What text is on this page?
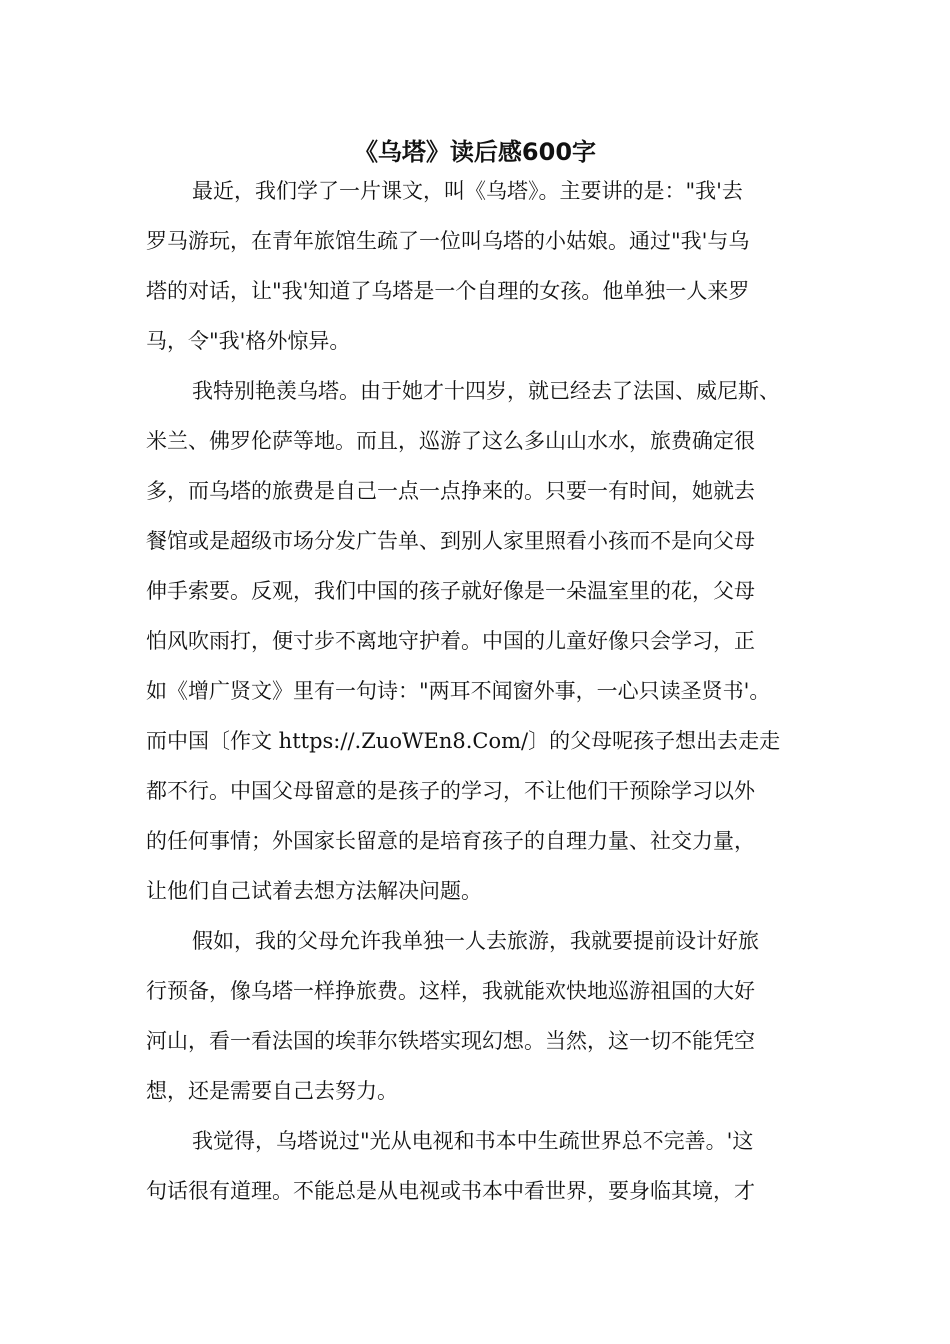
《乌塔》读后感600字
最近，我们学了一片课文，叫《乌塔》。主要讲的是："我'去
罗马游玩，在青年旅馆生疏了一位叫乌塔的小姑娘。通过"我'与乌
塔的对话，让"我'知道了乌塔是一个自理的女孩。他单独一人来罗
马，令"我'格外惊异。
我特别艳羡乌塔。由于她才十四岁，就已经去了法国、威尼斯、
米兰、佛罗伦萨等地。而且，巡游了这么多山山水水，旅费确定很
多，而乌塔的旅费是自己一点一点挣来的。只要一有时间，她就去
餐馆或是超级市场分发广告单、到别人家里照看小孩而不是向父母
伸手索要。反观，我们中国的孩子就好像是一朵温室里的花，父母
怕风吹雨打，便寸步不离地守护着。中国的儿童好像只会学习，正
如《增广贤文》里有一句诗："两耳不闻窗外事，一心只读圣贤书'。
而中国〔作文 https://.ZuoWEn8.Com/〕的父母呢孩子想出去走走
都不行。中国父母留意的是孩子的学习，不让他们干预除学习以外
的任何事情；外国家长留意的是培育孩子的自理力量、社交力量，
让他们自己试着去想方法解决问题。
假如，我的父母允许我单独一人去旅游，我就要提前设计好旅
行预备，像乌塔一样挣旅费。这样，我就能欢快地巡游祖国的大好
河山，看一看法国的埃菲尔铁塔实现幻想。当然，这一切不能凭空
想，还是需要自己去努力。
我觉得，乌塔说过"光从电视和书本中生疏世界总不完善。'这
句话很有道理。不能总是从电视或书本中看世界，要身临其境，才
